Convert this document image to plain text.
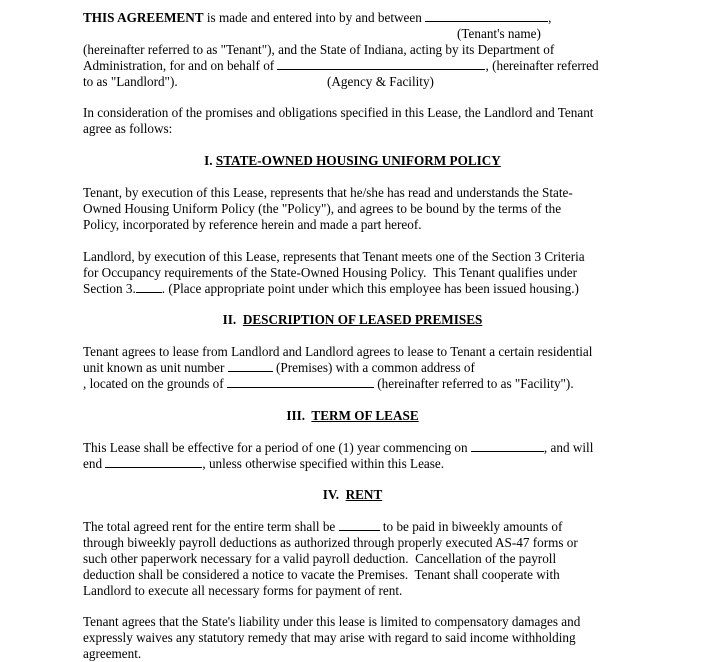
THIS AGREEMENT is made and entered into by and between	,
(Tenant's name)
(hereinafter referred to as "Tenant"), and the State of Indiana, acting by its Department of
Administration, for and on behalf of	, (hereinafter referred
to as "Landlord").	(Agency & Facility)
In consideration of the promises and obligations specified in this Lease, the Landlord and Tenant
agree as follows:
I. STATE-OWNED HOUSING UNIFORM POLICY
Tenant, by execution of this Lease, represents that he/she has read and understands the State-
Owned Housing Uniform Policy (the "Policy"), and agrees to be bound by the terms of the
Policy, incorporated by reference herein and made a part hereof.
Landlord, by execution of this Lease, represents that Tenant meets one of the Section 3 Criteria
for Occupancy requirements of the State-Owned Housing Policy.  This Tenant qualifies under
Section 3. . (Place appropriate point under which this employee has been issued housing.)
II.  DESCRIPTION OF LEASED PREMISES
Tenant agrees to lease from Landlord and Landlord agrees to lease to Tenant a certain residential
unit known as unit number	(Premises) with a common address of
, located on the grounds of	(hereinafter referred to as "Facility").
III.  TERM OF LEASE
This Lease shall be effective for a period of one (1) year commencing on	, and will
end	, unless otherwise specified within this Lease.
IV.  RENT
The total agreed rent for the entire term shall be	to be paid in biweekly amounts of
through biweekly payroll deductions as authorized through properly executed AS-47 forms or
such other paperwork necessary for a valid payroll deduction.  Cancellation of the payroll
deduction shall be considered a notice to vacate the Premises.  Tenant shall cooperate with
Landlord to execute all necessary forms for payment of rent.
Tenant agrees that the State's liability under this lease is limited to compensatory damages and
expressly waives any statutory remedy that may arise with regard to said income withholding
agreement.
